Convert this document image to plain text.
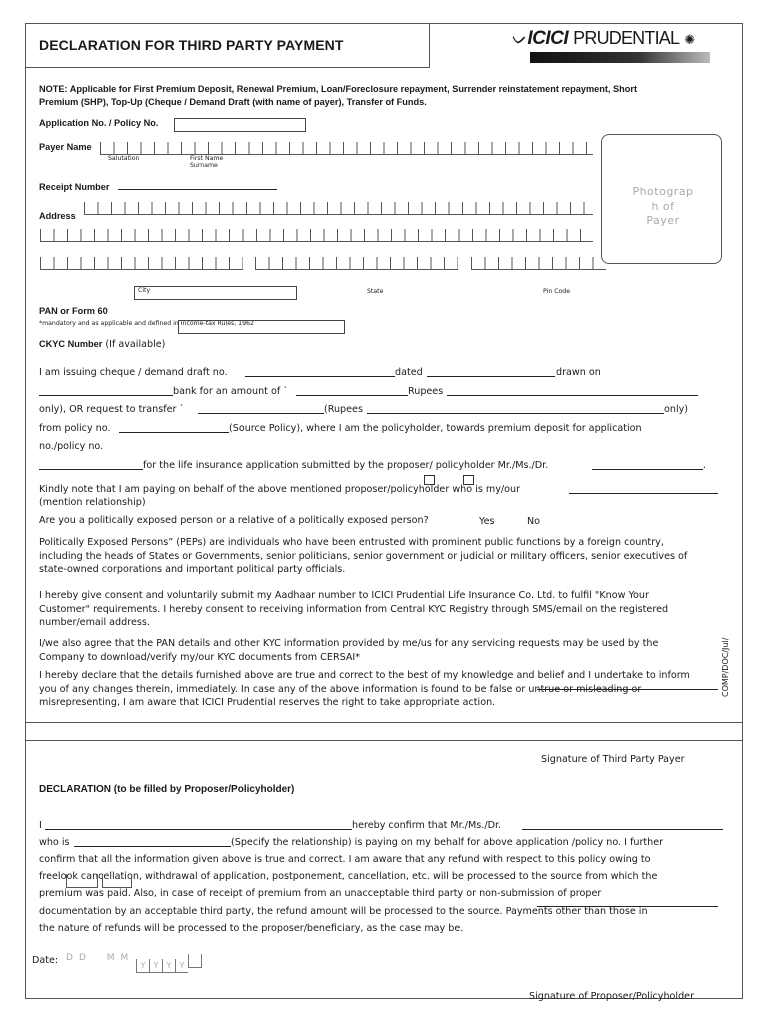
DECLARATION FOR THIRD PARTY PAYMENT	ᨆICICI PRUDENTIAL ✺
NOTE: Applicable for First Premium Deposit, Renewal Premium, Loan/Foreclosure repayment, Surrender reinstatement repayment, Short Premium (SHP), Top-Up (Cheque / Demand Draft (with name of payer), Transfer of Funds.
Application No. / Policy No.
Payer Name
Salutation	First Name
Surname
Receipt Number
Address
City	State	Pin Code
Photograp
h of
Payer
PAN or Form 60
*mandatory and as applicable and defined in Income-tax Rules, 1962
CKYC Number (If available)
I am issuing cheque / demand draft no.	dated	drawn on
bank for an amount of `	Rupees
only), OR request to transfer `	(Rupees	only)
from policy no.	(Source Policy), where I am the policyholder, towards premium deposit for application
no./policy no.
for the life insurance application submitted by the proposer/ policyholder Mr./Ms./Dr.	.
Kindly note that I am paying on behalf of the above mentioned proposer/policyholder who is my/our
(mention relationship)
Are you a politically exposed person or a relative of a politically exposed person?	Yes	No
Politically Exposed Persons” (PEPs) are individuals who have been entrusted with prominent public functions by a foreign country, including the heads of States or Governments, senior politicians, senior government or judicial or military officers, senior executives of state-owned corporations and important political party officials.
I hereby give consent and voluntarily submit my Aadhaar number to ICICI Prudential Life Insurance Co. Ltd. to fulfil "Know Your Customer" requirements. I hereby consent to receiving information from Central KYC Registry through SMS/email on the registered number/email address.
I/we also agree that the PAN details and other KYC information provided by me/us for any servicing requests may be used by the Company to download/verify my/our KYC documents from CERSAI*
I hereby declare that the details furnished above are true and correct to the best of my knowledge and belief and I undertake to inform you of any changes therein, immediately. In case any of the above information is found to be false or untrue or misleading or misrepresenting, I am aware that ICICI Prudential reserves the right to take appropriate action.
COMP/DOC/Jul/
Signature of Third Party Payer
DECLARATION (to be filled by Proposer/Policyholder)
I	hereby confirm that Mr./Ms./Dr.
who is	(Specify the relationship) is paying on my behalf for above application /policy no. I further
confirm that all the information given above is true and correct. I am aware that any refund with respect to this policy owing to
freelook cancellation, withdrawal of application, postponement, cancellation, etc. will be processed to the source from which the
premium was paid. Also, in case of receipt of premium from an unacceptable third party or non-submission of proper
documentation by an acceptable third party, the refund amount will be processed to the source. Payments other than those in
the nature of refunds will be processed to the proposer/beneficiary, as the case may be.
Date: DD MM
Y Y Y Y
Signature of Proposer/Policyholder
